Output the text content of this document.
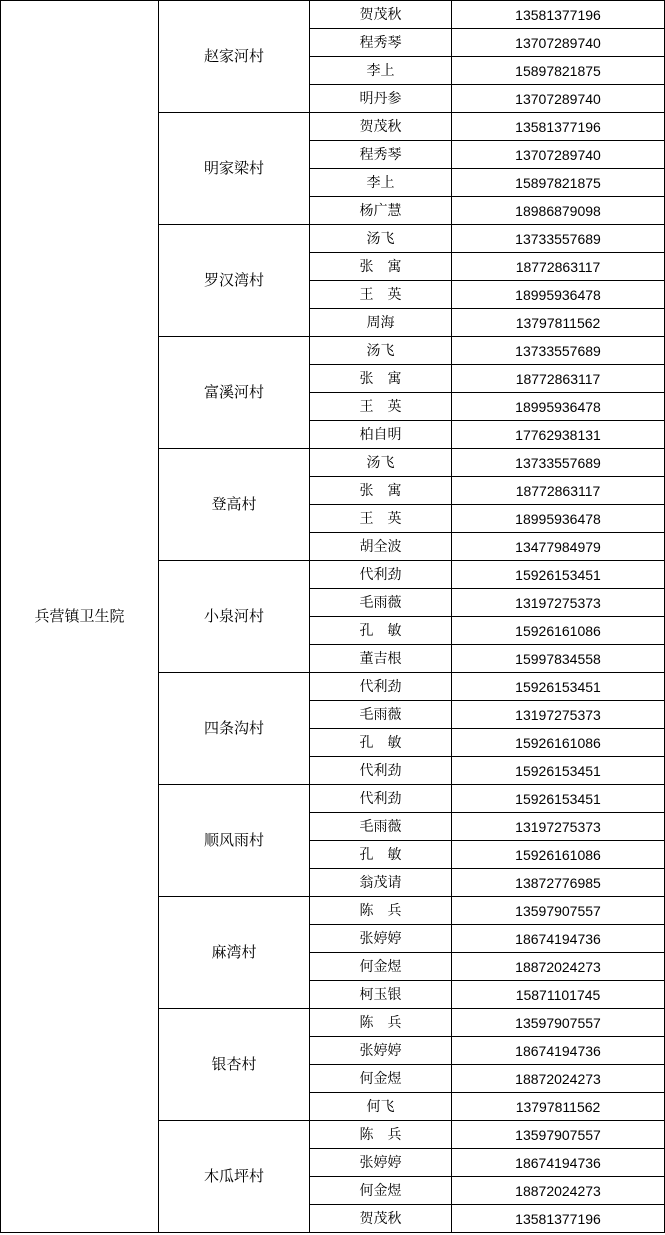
兵营镇卫生院	赵家河村	贺茂秋	13581377196
		程秀琴	13707289740
		李上	15897821875
		明丹参	13707289740
	明家梁村	贺茂秋	13581377196
		程秀琴	13707289740
		李上	15897821875
		杨广慧	18986879098
	罗汉湾村	汤飞	13733557689
		张　寓	18772863117
		王　英	18995936478
		周海	13797811562
	富溪河村	汤飞	13733557689
		张　寓	18772863117
		王　英	18995936478
		柏自明	17762938131
	登高村	汤飞	13733557689
		张　寓	18772863117
		王　英	18995936478
		胡全波	13477984979
	小泉河村	代利劲	15926153451
		毛雨薇	13197275373
		孔　敏	15926161086
		董吉根	15997834558
	四条沟村	代利劲	15926153451
		毛雨薇	13197275373
		孔　敏	15926161086
		代利劲	15926153451
	顺风雨村	代利劲	15926153451
		毛雨薇	13197275373
		孔　敏	15926161086
		翁茂请	13872776985
	麻湾村	陈　兵	13597907557
		张婷婷	18674194736
		何金煜	18872024273
		柯玉银	15871101745
	银杏村	陈　兵	13597907557
		张婷婷	18674194736
		何金煜	18872024273
		何飞	13797811562
	木瓜坪村	陈　兵	13597907557
		张婷婷	18674194736
		何金煜	18872024273
		贺茂秋	13581377196
